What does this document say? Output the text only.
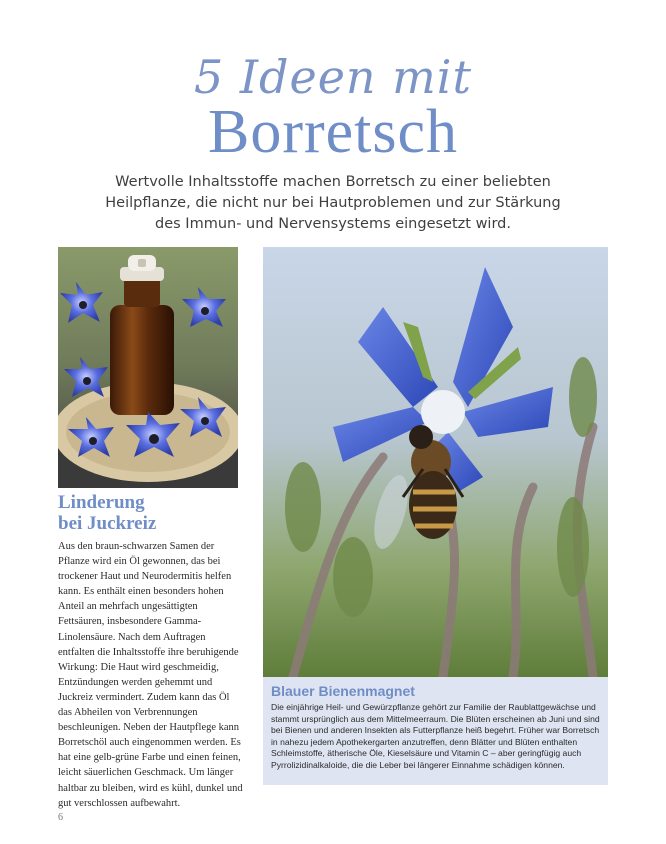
5 Ideen mit
Borretsch
Wertvolle Inhaltsstoffe machen Borretsch zu einer beliebten Heilpflanze, die nicht nur bei Hautproblemen und zur Stärkung des Immun- und Nervensystems eingesetzt wird.
Linderung
bei Juckreiz

Aus den braun-schwarzen Samen der Pflanze wird ein Öl gewonnen, das bei trockener Haut und Neurodermitis helfen kann. Es enthält einen besonders hohen Anteil an mehrfach ungesättigten Fettsäuren, insbesondere Gamma-Linolensäure. Nach dem Auftragen entfalten die Inhaltsstoffe ihre beruhigende Wirkung: Die Haut wird geschmeidig, Entzündungen werden gehemmt und Juckreiz vermindert. Zudem kann das Öl das Abheilen von Verbrennungen beschleunigen. Neben der Hautpflege kann Borretschöl auch eingenommen werden. Es hat eine gelb-grüne Farbe und einen feinen, leicht säuerlichen Geschmack. Um länger haltbar zu bleiben, wird es kühl, dunkel und gut verschlossen aufbewahrt.

Blauer Bienenmagnet

Die einjährige Heil- und Gewürzpflanze gehört zur Familie der Raublattgewächse und stammt ursprünglich aus dem Mittelmeerraum. Die Blüten erscheinen ab Juni und sind bei Bienen und anderen Insekten als Futterpflanze heiß begehrt. Früher war Borretsch in nahezu jedem Apothekergarten anzutreffen, denn Blätter und Blüten enthalten Schleimstoffe, ätherische Öle, Kieselsäure und Vitamin C – aber geringfügig auch Pyrrolizidinalkaloide, die die Leber bei längerer Einnahme schädigen können.

6
